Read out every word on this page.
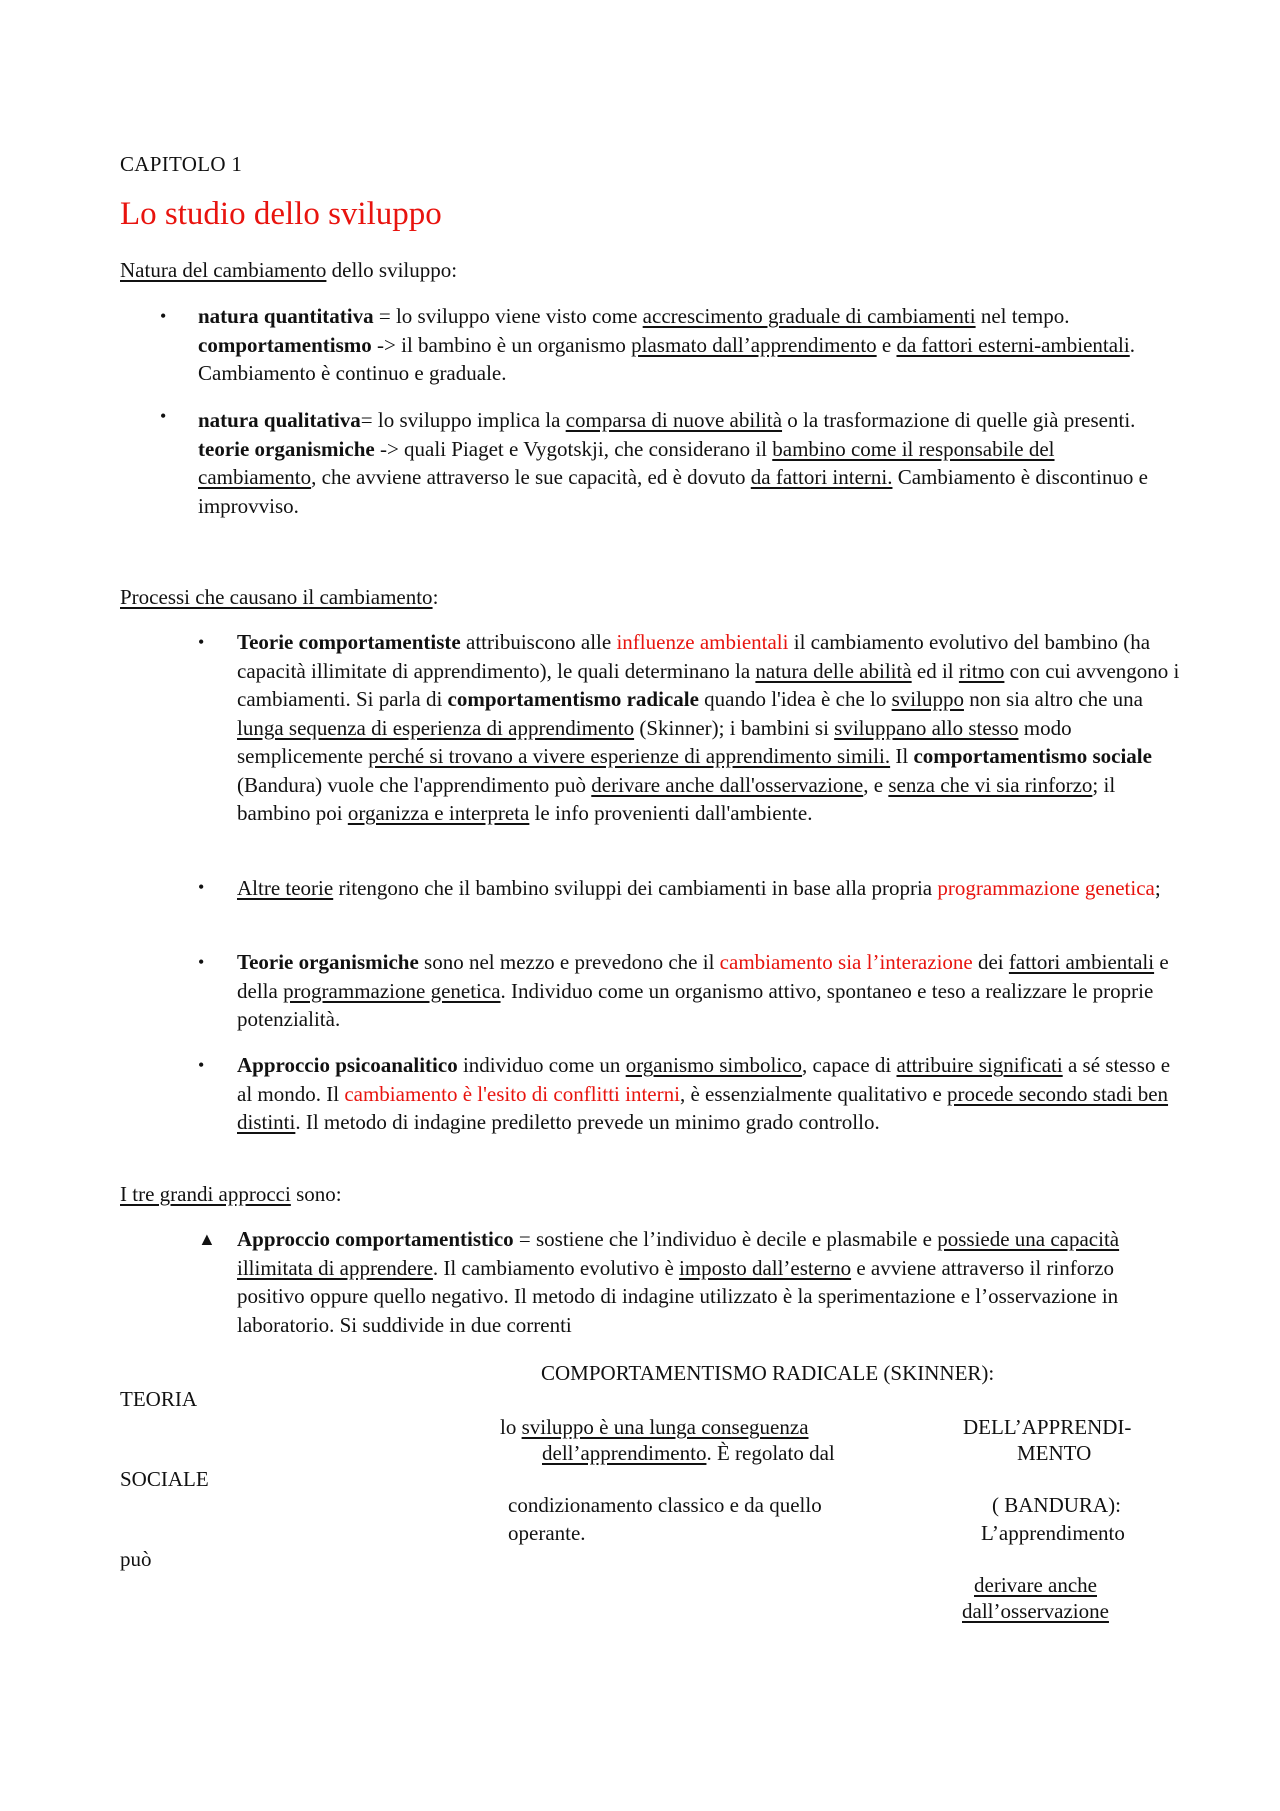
CAPITOLO 1
Lo studio dello sviluppo
Natura del cambiamento dello sviluppo:
• natura quantitativa = lo sviluppo viene visto come accrescimento graduale di cambiamenti nel tempo. comportamentismo -> il bambino è un organismo plasmato dall’apprendimento e da fattori esterni-ambientali. Cambiamento è continuo e graduale.
• natura qualitativa= lo sviluppo implica la comparsa di nuove abilità o la trasformazione di quelle già presenti. teorie organismiche -> quali Piaget e Vygotskji, che considerano il bambino come il responsabile del cambiamento, che avviene attraverso le sue capacità, ed è dovuto da fattori interni. Cambiamento è discontinuo e improvviso.
Processi che causano il cambiamento:
• Teorie comportamentiste attribuiscono alle influenze ambientali il cambiamento evolutivo del bambino (ha capacità illimitate di apprendimento), le quali determinano la natura delle abilità ed il ritmo con cui avvengono i cambiamenti. Si parla di comportamentismo radicale quando l'idea è che lo sviluppo non sia altro che una lunga sequenza di esperienza di apprendimento (Skinner); i bambini si sviluppano allo stesso modo semplicemente perché si trovano a vivere esperienze di apprendimento simili. Il comportamentismo sociale (Bandura) vuole che l'apprendimento può derivare anche dall'osservazione, e senza che vi sia rinforzo; il bambino poi organizza e interpreta le info provenienti dall'ambiente.
• Altre teorie ritengono che il bambino sviluppi dei cambiamenti in base alla propria programmazione genetica;
• Teorie organismiche sono nel mezzo e prevedono che il cambiamento sia l’interazione dei fattori ambientali e della programmazione genetica. Individuo come un organismo attivo, spontaneo e teso a realizzare le proprie potenzialità.
• Approccio psicoanalitico individuo come un organismo simbolico, capace di attribuire significati a sé stesso e al mondo. Il cambiamento è l'esito di conflitti interni, è essenzialmente qualitativo e procede secondo stadi ben distinti. Il metodo di indagine prediletto prevede un minimo grado controllo.
I tre grandi approcci sono:
▲ Approccio comportamentistico = sostiene che l’individuo è decile e plasmabile e possiede una capacità illimitata di apprendere. Il cambiamento evolutivo è imposto dall’esterno e avviene attraverso il rinforzo positivo oppure quello negativo. Il metodo di indagine utilizzato è la sperimentazione e l’osservazione in laboratorio. Si suddivide in due correnti
TEORIA
SOCIALE
può
COMPORTAMENTISMO RADICALE (SKINNER):
lo sviluppo è una lunga conseguenza
dell’apprendimento. È regolato dal
condizionamento classico e da quello
operante.
DELL’APPRENDI-
MENTO
( BANDURA):
L’apprendimento
derivare anche
dall’osservazione
